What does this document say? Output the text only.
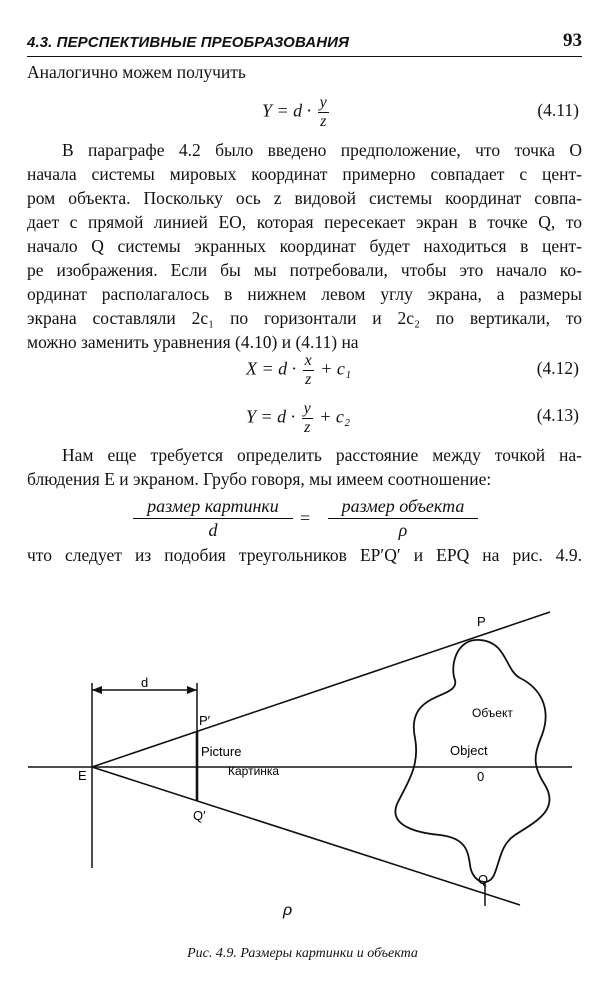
4.3. ПЕРСПЕКТИВНЫЕ ПРЕОБРАЗОВАНИЯ	93
Аналогично можем получить
$Y = d \cdot \frac{y}{z}$	(4.11)
В параграфе 4.2 было введено предположение, что точка O
начала системы мировых координат примерно совпадает с цент-
ром объекта. Поскольку ось z видовой системы координат совпа-
дает с прямой линией EO, которая пересекает экран в точке Q, то
начало Q системы экранных координат будет находиться в цент-
ре изображения. Если бы мы потребовали, чтобы это начало ко-
ординат располагалось в нижнем левом углу экрана, а размеры
экрана составляли 2c₁ по горизонтали и 2c₂ по вертикали, то
можно заменить уравнения (4.10) и (4.11) на
$X = d \cdot \frac{x}{z} + c_1$	(4.12)
$Y = d \cdot \frac{y}{z} + c_2$	(4.13)
Нам еще требуется определить расстояние между точкой на-
блюдения E и экраном. Грубо говоря, мы имеем соотношение:
размер картинки
d
=
размер объекта
ρ
что следует из подобия треугольников EP′Q′ и EPQ на рис. 4.9.
d
P
P′
Q
Q′
E
Picture
Картинка
Object
Объект
0
ρ
Рис. 4.9. Размеры картинки и объекта
